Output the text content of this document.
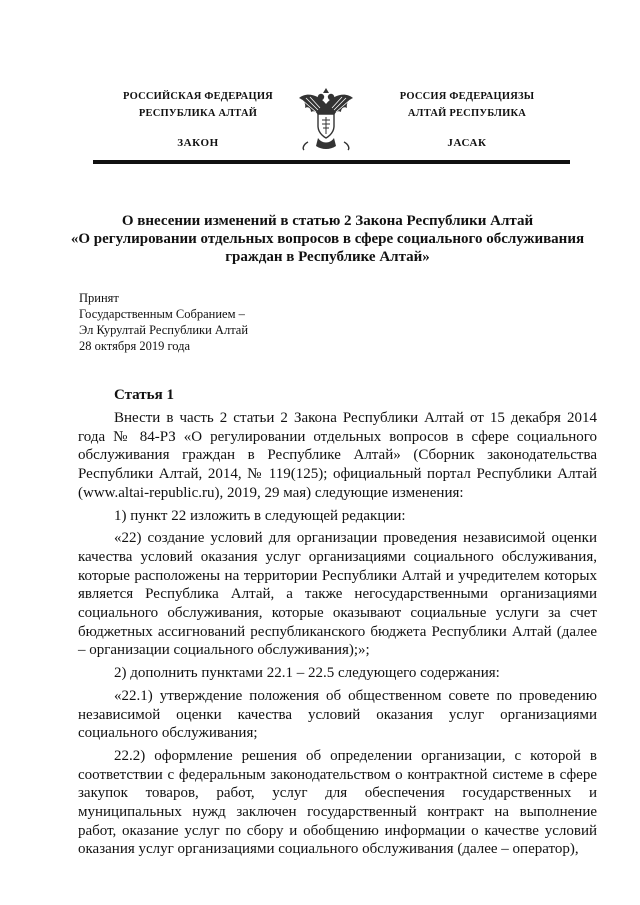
РОССИЙСКАЯ ФЕДЕРАЦИЯ
РЕСПУБЛИКА АЛТАЙ
ЗАКОН
РОССИЯ ФЕДЕРАЦИЯЗЫ
АЛТАЙ РЕСПУБЛИКА
JАСАК
О внесении изменений в статью 2 Закона Республики Алтай
«О регулировании отдельных вопросов в сфере социального обслуживания граждан в Республике Алтай»
Принят
Государственным Собранием –
Эл Курултай Республики Алтай
28 октября 2019 года
Статья 1

Внести в часть 2 статьи 2 Закона Республики Алтай от 15 декабря 2014 года № 84-РЗ «О регулировании отдельных вопросов в сфере социального обслуживания граждан в Республике Алтай» (Сборник законодательства Республики Алтай, 2014, № 119(125); официальный портал Республики Алтай (www.altai-republic.ru), 2019, 29 мая) следующие изменения:

1) пункт 22 изложить в следующей редакции:

«22) создание условий для организации проведения независимой оценки качества условий оказания услуг организациями социального обслуживания, которые расположены на территории Республики Алтай и учредителем которых является Республика Алтай, а также негосударственными организациями социального обслуживания, которые оказывают социальные услуги за счет бюджетных ассигнований республиканского бюджета Республики Алтай (далее – организации социального обслуживания);»;

2) дополнить пунктами 22.1 – 22.5 следующего содержания:

«22.1) утверждение положения об общественном совете по проведению независимой оценки качества условий оказания услуг организациями социального обслуживания;

22.2) оформление решения об определении организации, с которой в соответствии с федеральным законодательством о контрактной системе в сфере закупок товаров, работ, услуг для обеспечения государственных и муниципальных нужд заключен государственный контракт на выполнение работ, оказание услуг по сбору и обобщению информации о качестве условий оказания услуг организациями социального обслуживания (далее – оператор),
